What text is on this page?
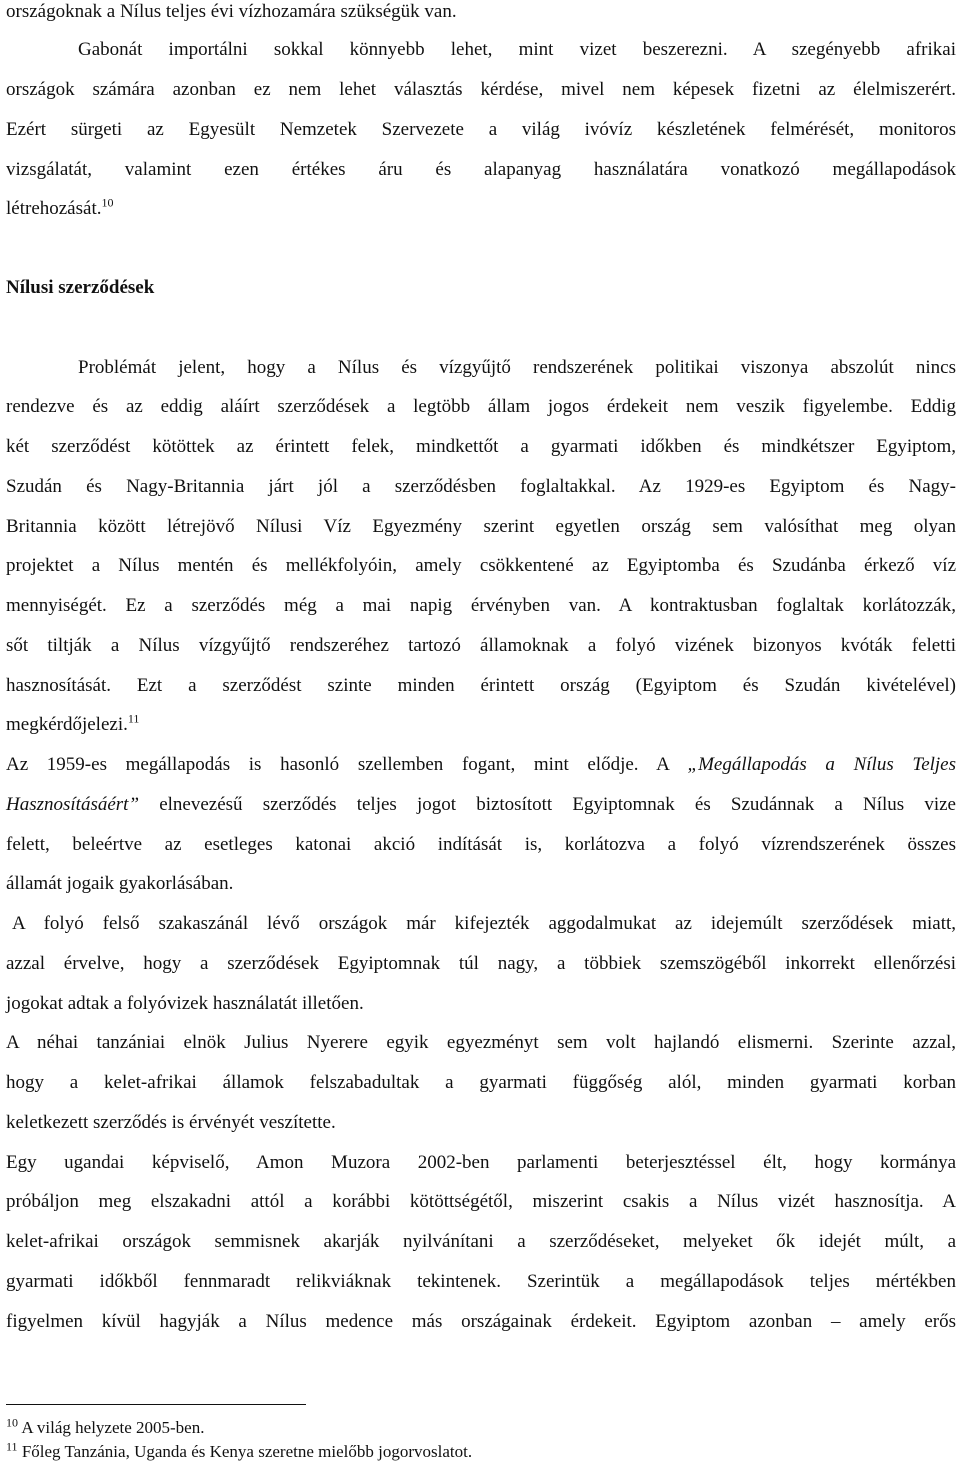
országoknak a Nílus teljes évi vízhozamára szükségük van.
Gabonát importálni sokkal könnyebb lehet, mint vizet beszerezni. A szegényebb afrikai
országok számára azonban ez nem lehet választás kérdése, mivel nem képesek fizetni az élelmiszerért.
Ezért sürgeti az Egyesült Nemzetek Szervezete a világ ivóvíz készletének felmérését, monitoros
vizsgálatát, valamint ezen értékes áru és alapanyag használatára vonatkozó megállapodások
létrehozását.$^{10}$
Nílusi szerződések
Problémát jelent, hogy a Nílus és vízgyűjtő rendszerének politikai viszonya abszolút nincs
rendezve és az eddig aláírt szerződések a legtöbb állam jogos érdekeit nem veszik figyelembe. Eddig
két szerződést kötöttek az érintett felek, mindkettőt a gyarmati időkben és mindkétszer Egyiptom,
Szudán és Nagy-Britannia járt jól a szerződésben foglaltakkal. Az 1929-es Egyiptom és Nagy-
Britannia között létrejövő Nílusi Víz Egyezmény szerint egyetlen ország sem valósíthat meg olyan
projektet a Nílus mentén és mellékfolyóin, amely csökkentené az Egyiptomba és Szudánba érkező víz
mennyiségét. Ez a szerződés még a mai napig érvényben van. A kontraktusban foglaltak korlátozzák,
sőt tiltják a Nílus vízgyűjtő rendszeréhez tartozó államoknak a folyó vizének bizonyos kvóták feletti
hasznosítását. Ezt a szerződést szinte minden érintett ország (Egyiptom és Szudán kivételével)
megkérdőjelezi.$^{11}$
Az 1959-es megállapodás is hasonló szellemben fogant, mint elődje. A „Megállapodás a Nílus Teljes
Hasznosításáért” elnevezésű szerződés teljes jogot biztosított Egyiptomnak és Szudánnak a Nílus vize
felett, beleértve az esetleges katonai akció indítását is, korlátozva a folyó vízrendszerének összes
államát jogaik gyakorlásában.
A folyó felső szakaszánál lévő országok már kifejezték aggodalmukat az idejemúlt szerződések miatt,
azzal érvelve, hogy a szerződések Egyiptomnak túl nagy, a többiek szemszögéből inkorrekt ellenőrzési
jogokat adtak a folyóvizek használatát illetően.
A néhai tanzániai elnök Julius Nyerere egyik egyezményt sem volt hajlandó elismerni. Szerinte azzal,
hogy a kelet-afrikai államok felszabadultak a gyarmati függőség alól, minden gyarmati korban
keletkezett szerződés is érvényét veszítette.
Egy ugandai képviselő, Amon Muzora 2002-ben parlamenti beterjesztéssel élt, hogy kormánya
próbáljon meg elszakadni attól a korábbi kötöttségétől, miszerint csakis a Nílus vizét hasznosítja. A
kelet-afrikai országok semmisnek akarják nyilvánítani a szerződéseket, melyeket ők idejét múlt, a
gyarmati időkből fennmaradt relikviáknak tekintenek. Szerintük a megállapodások teljes mértékben
figyelmen kívül hagyják a Nílus medence más országainak érdekeit. Egyiptom azonban – amely erős
$^{10}$ A világ helyzete 2005-ben.
$^{11}$ Főleg Tanzánia, Uganda és Kenya szeretne mielőbb jogorvoslatot.
